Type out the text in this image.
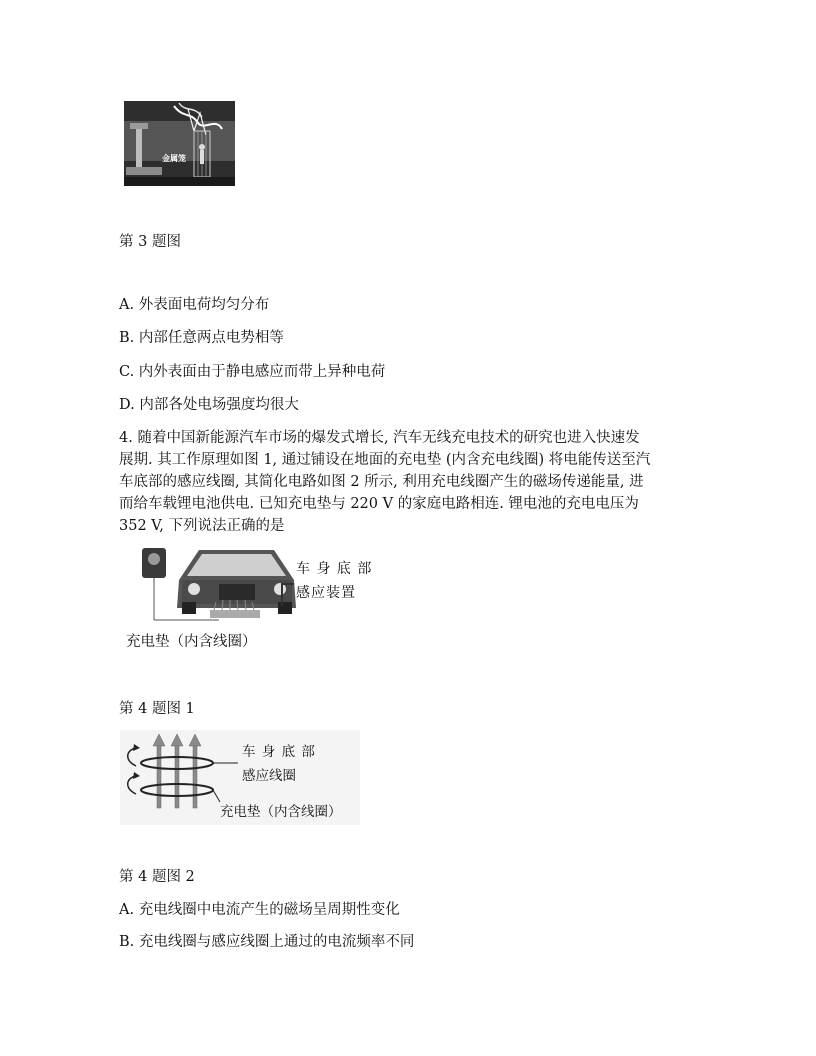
金属笼
第 3 题图
A. 外表面电荷均匀分布
B. 内部任意两点电势相等
C. 内外表面由于静电感应而带上异种电荷
D. 内部各处电场强度均很大
4. 随着中国新能源汽车市场的爆发式增长, 汽车无线充电技术的研究也进入快速发
展期. 其工作原理如图 1, 通过铺设在地面的充电垫 (内含充电线圈) 将电能传送至汽
车底部的感应线圈, 其简化电路如图 2 所示, 利用充电线圈产生的磁场传递能量, 进
而给车载锂电池供电. 已知充电垫与 220 V 的家庭电路相连. 锂电池的充电电压为
352 V, 下列说法正确的是
车 身 底 部
感应装置
充电垫（内含线圈）
第 4 题图 1
车 身 底 部
感应线圈
充电垫（内含线圈）
第 4 题图 2
A. 充电线圈中电流产生的磁场呈周期性变化
B. 充电线圈与感应线圈上通过的电流频率不同
